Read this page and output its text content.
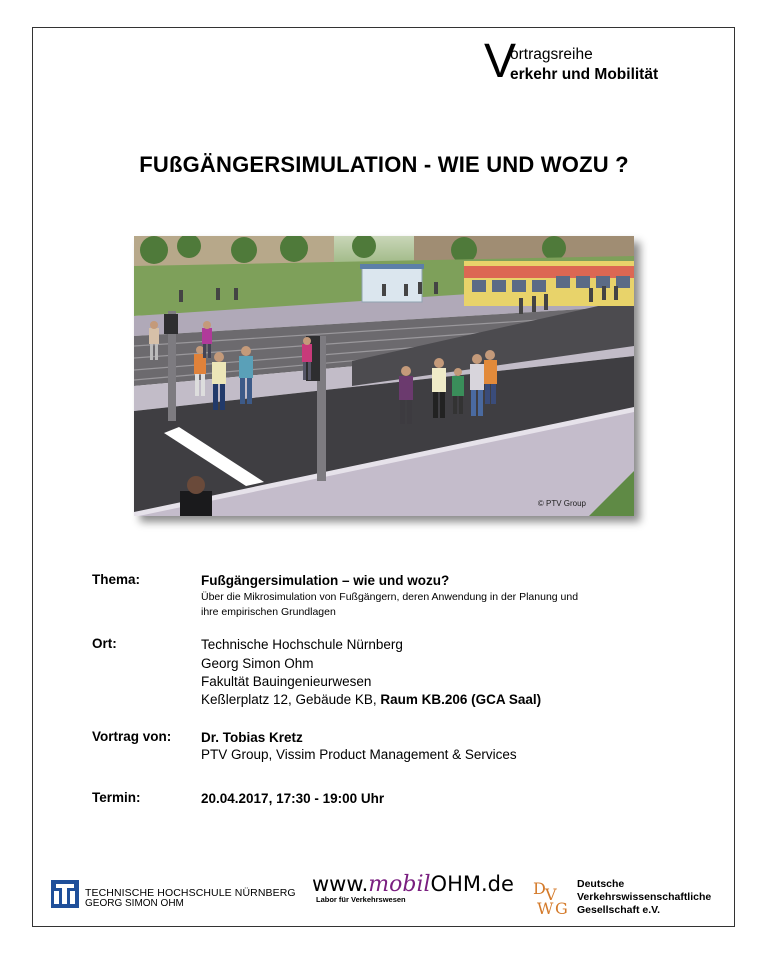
V
ortragsreihe
erkehr und Mobilität
FUßGÄNGERSIMULATION - WIE UND WOZU ?
© PTV Group
Thema:	Fußgängersimulation – wie und wozu?
Über die Mikrosimulation von Fußgängern, deren Anwendung in der Planung und
ihre empirischen Grundlagen
Ort:	Technische Hochschule Nürnberg
Georg Simon Ohm
Fakultät Bauingenieurwesen
Keßlerplatz 12, Gebäude KB, Raum KB.206 (GCA Saal)
Vortrag von: Dr. Tobias Kretz
PTV Group, Vissim Product Management & Services
Termin:	20.04.2017, 17:30 - 19:00 Uhr
TECHNISCHE HOCHSCHULE NÜRNBERG
GEORG SIMON OHM
www.mobilOHM.de
Labor für Verkehrswesen
D V
W G
Deutsche
Verkehrswissenschaftliche
Gesellschaft e.V.
